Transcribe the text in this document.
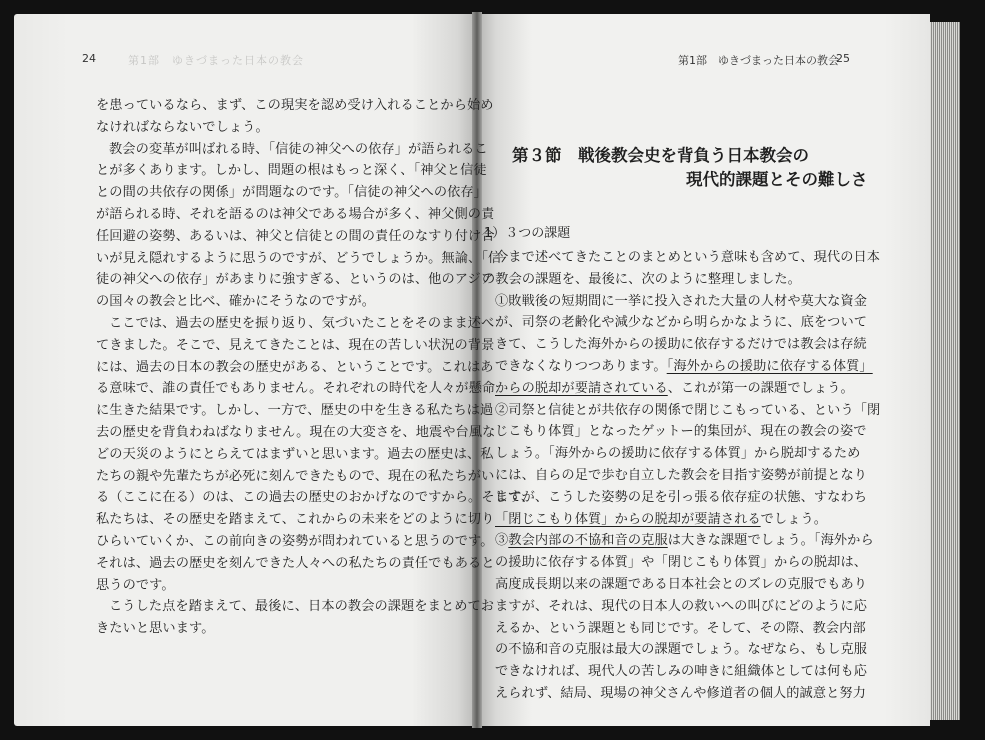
24	第1部　ゆきづまった日本の教会	第1部　ゆきづまった日本の教会
25
を患っているなら、まず、この現実を認め受け入れることから始め
なければならないでしょう。
教会の変革が叫ばれる時、「信徒の神父への依存」が語られるこ
とが多くあります。しかし、問題の根はもっと深く、「神父と信徒
との間の共依存の関係」が問題なのです。「信徒の神父への依存」
が語られる時、それを語るのは神父である場合が多く、神父側の責
任回避の姿勢、あるいは、神父と信徒との間の責任のなすり付け合
いが見え隠れするように思うのですが、どうでしょうか。無論、「信
徒の神父への依存」があまりに強すぎる、というのは、他のアジア
の国々の教会と比べ、確かにそうなのですが。
ここでは、過去の歴史を振り返り、気づいたことをそのまま述べ
てきました。そこで、見えてきたことは、現在の苦しい状況の背景
には、過去の日本の教会の歴史がある、ということです。これはあ
る意味で、誰の責任でもありません。それぞれの時代を人々が懸命
に生きた結果です。しかし、一方で、歴史の中を生きる私たちは過
去の歴史を背負わねばなりません。現在の大変さを、地震や台風な
どの天災のようにとらえてはまずいと思います。過去の歴史は、私
たちの親や先輩たちが必死に刻んできたもので、現在の私たちがい
る（ここに在る）のは、この過去の歴史のおかげなのですから。そして、
私たちは、その歴史を踏まえて、これからの未来をどのように切り
ひらいていくか、この前向きの姿勢が問われていると思うのです。
それは、過去の歴史を刻んできた人々への私たちの責任でもあると
思うのです。
こうした点を踏まえて、最後に、日本の教会の課題をまとめてお
きたいと思います。
第３節　戦後教会史を背負う日本教会の
現代的課題とその難しさ
1）３つの課題
今まで述べてきたことのまとめという意味も含めて、現代の日本
の教会の課題を、最後に、次のように整理しました。
①敗戦後の短期間に一挙に投入された大量の人材や莫大な資金
が、司祭の老齢化や減少などから明らかなように、底をついて
きて、こうした海外からの援助に依存するだけでは教会は存続
できなくなりつつあります。「海外からの援助に依存する体質」
からの脱却が要請されている、これが第一の課題でしょう。
②司祭と信徒とが共依存の関係で閉じこもっている、という「閉
じこもり体質」となったゲットー的集団が、現在の教会の姿で
しょう。「海外からの援助に依存する体質」から脱却するため
には、自らの足で歩む自立した教会を目指す姿勢が前提となり
ますが、こうした姿勢の足を引っ張る依存症の状態、すなわち
「閉じこもり体質」からの脱却が要請されるでしょう。
③教会内部の不協和音の克服は大きな課題でしょう。「海外から
の援助に依存する体質」や「閉じこもり体質」からの脱却は、
高度成長期以来の課題である日本社会とのズレの克服でもあり
ますが、それは、現代の日本人の救いへの叫びにどのように応
えるか、という課題とも同じです。そして、その際、教会内部
の不協和音の克服は最大の課題でしょう。なぜなら、もし克服
できなければ、現代人の苦しみの呻きに組織体としては何も応
えられず、結局、現場の神父さんや修道者の個人的誠意と努力
